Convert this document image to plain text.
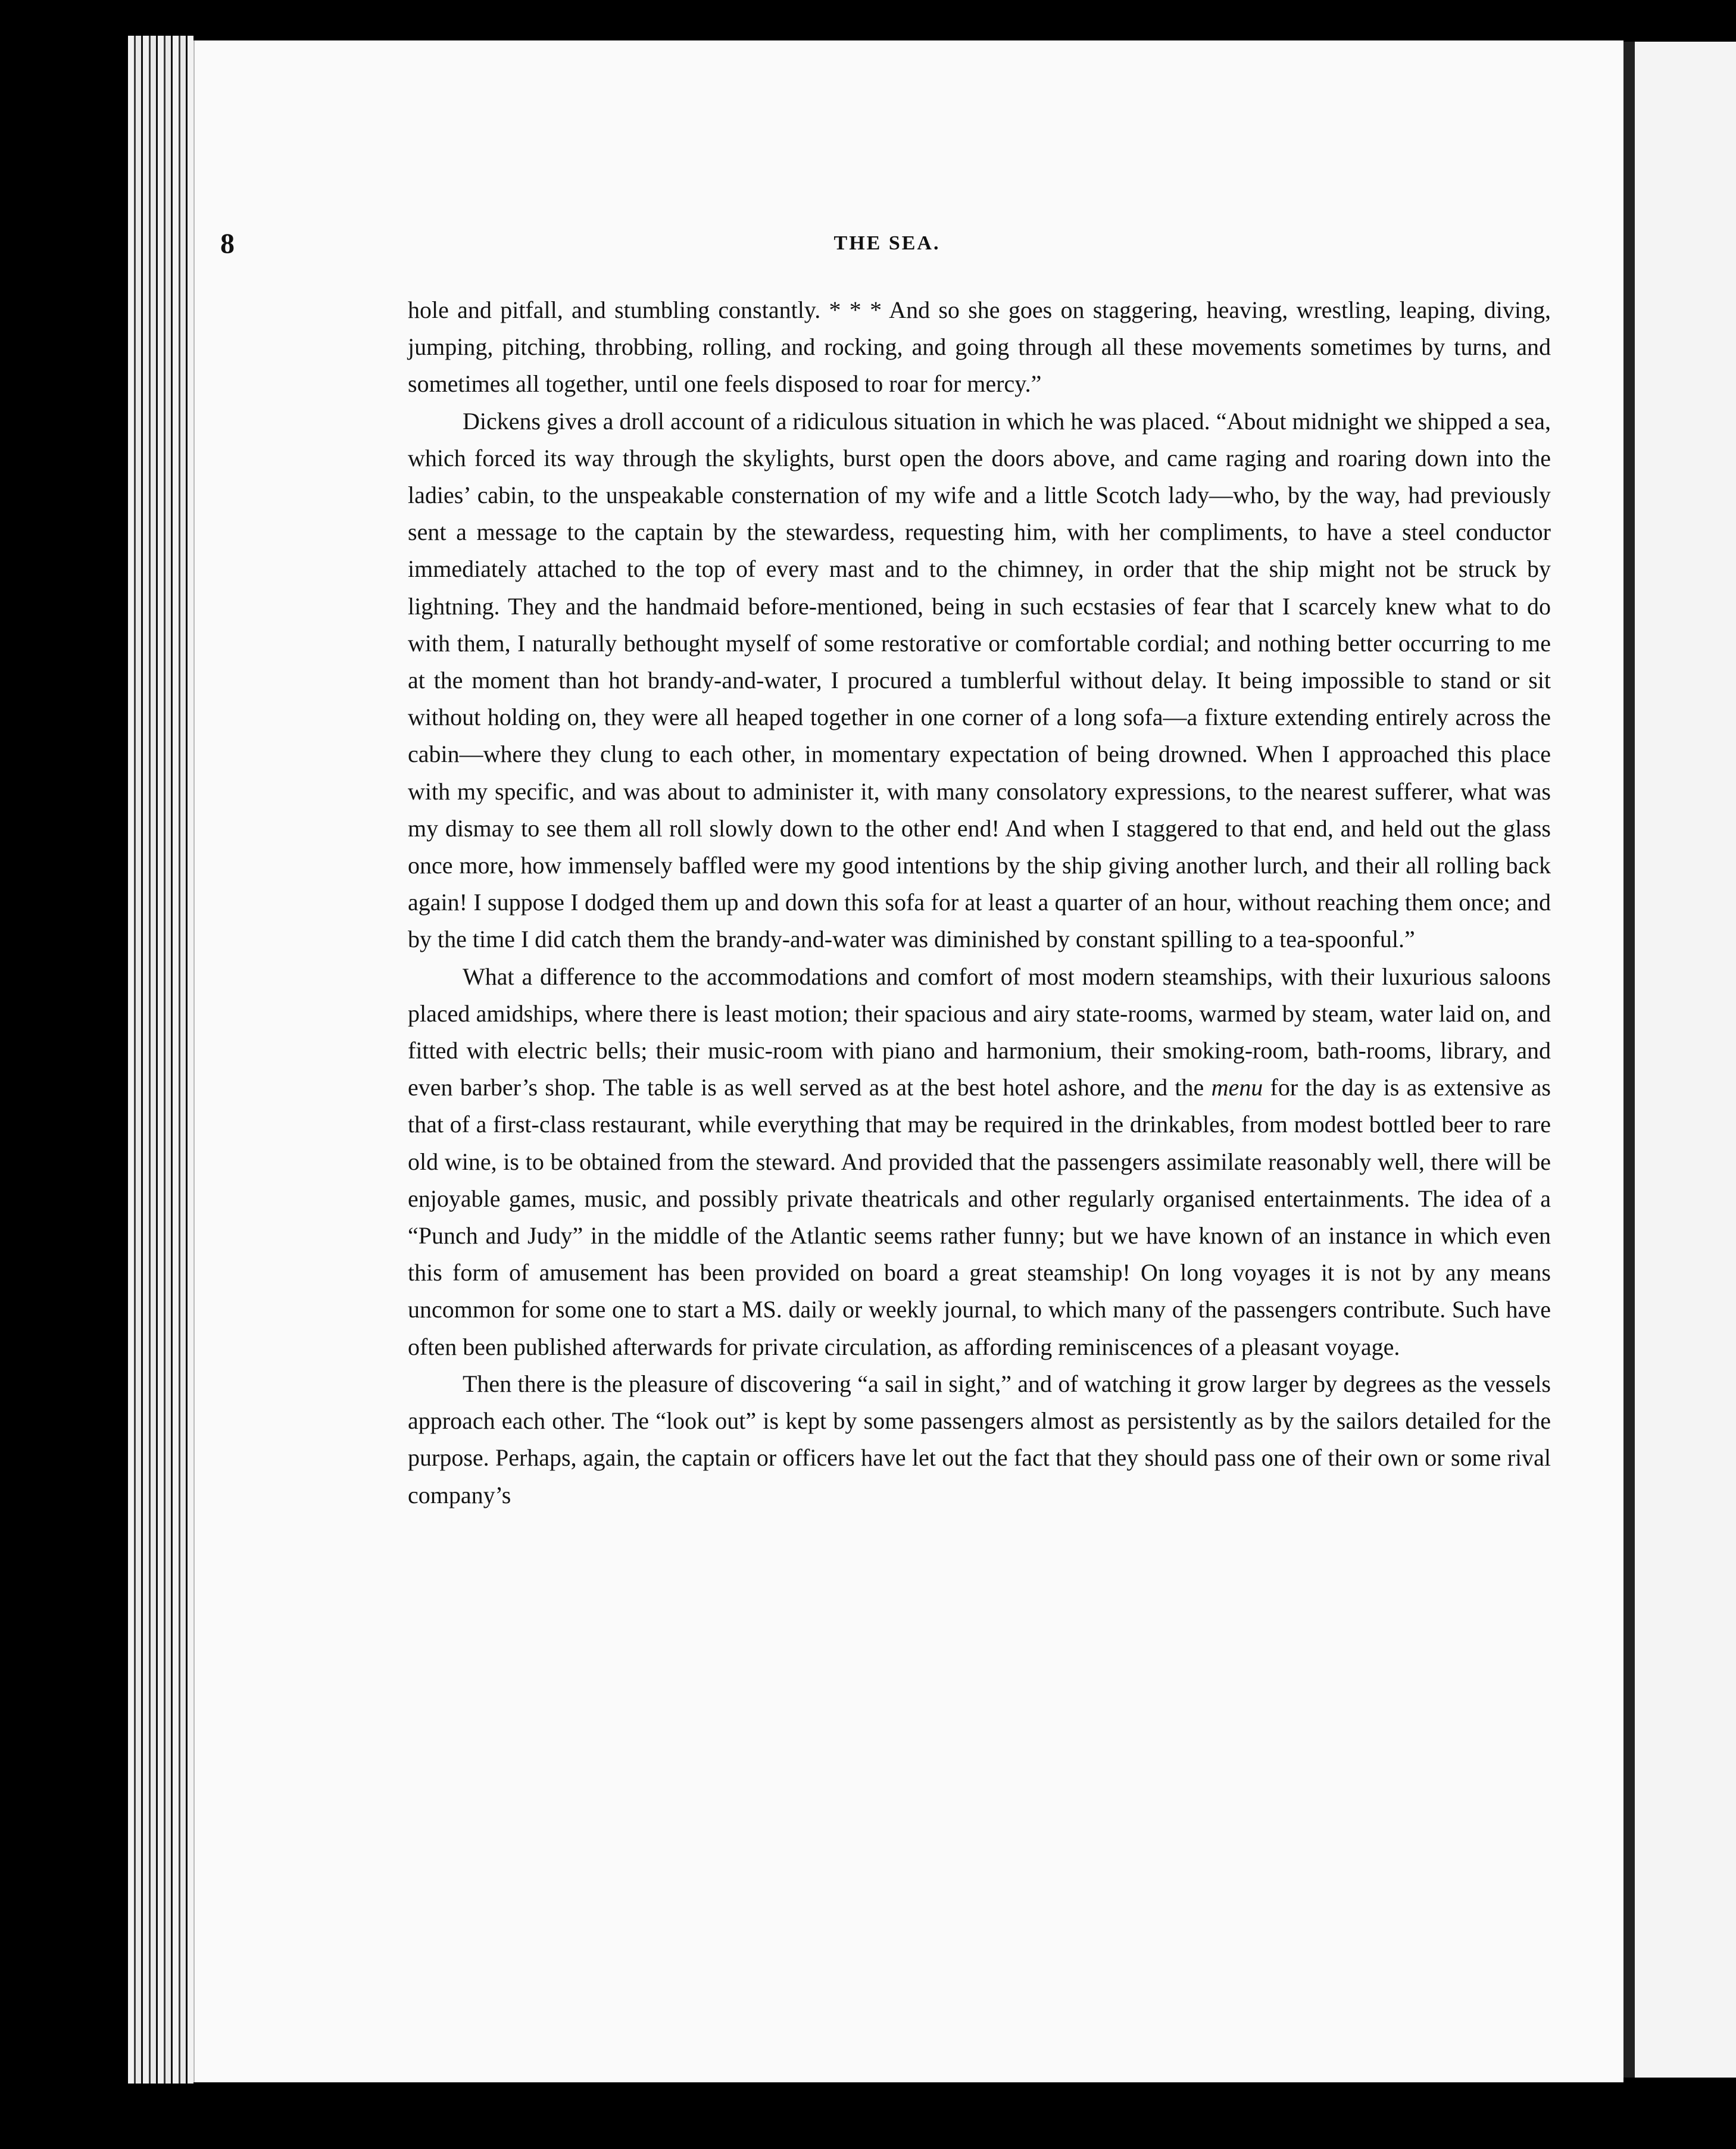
8	THE SEA.

hole and pitfall, and stumbling constantly. * * * And so she goes on staggering, heaving, wrestling, leaping, diving, jumping, pitching, throbbing, rolling, and rocking, and going through all these movements sometimes by turns, and sometimes all together, until one feels disposed to roar for mercy.”

Dickens gives a droll account of a ridiculous situation in which he was placed. “About midnight we shipped a sea, which forced its way through the skylights, burst open the doors above, and came raging and roaring down into the ladies’ cabin, to the unspeakable consternation of my wife and a little Scotch lady—who, by the way, had previously sent a message to the captain by the stewardess, requesting him, with her compliments, to have a steel conductor immediately attached to the top of every mast and to the chimney, in order that the ship might not be struck by lightning. They and the handmaid before-mentioned, being in such ecstasies of fear that I scarcely knew what to do with them, I naturally bethought myself of some restorative or comfortable cordial; and nothing better occurring to me at the moment than hot brandy-and-water, I procured a tumblerful without delay. It being impossible to stand or sit without holding on, they were all heaped together in one corner of a long sofa—a fixture extending entirely across the cabin—where they clung to each other, in momentary expectation of being drowned. When I approached this place with my specific, and was about to administer it, with many consolatory expressions, to the nearest sufferer, what was my dismay to see them all roll slowly down to the other end! And when I staggered to that end, and held out the glass once more, how immensely baffled were my good intentions by the ship giving another lurch, and their all rolling back again! I suppose I dodged them up and down this sofa for at least a quarter of an hour, without reaching them once; and by the time I did catch them the brandy-and-water was diminished by constant spilling to a tea-spoonful.”

What a difference to the accommodations and comfort of most modern steamships, with their luxurious saloons placed amidships, where there is least motion; their spacious and airy state-rooms, warmed by steam, water laid on, and fitted with electric bells; their music-room with piano and harmonium, their smoking-room, bath-rooms, library, and even barber’s shop. The table is as well served as at the best hotel ashore, and the menu for the day is as extensive as that of a first-class restaurant, while everything that may be required in the drinkables, from modest bottled beer to rare old wine, is to be obtained from the steward. And provided that the passengers assimilate reasonably well, there will be enjoyable games, music, and possibly private theatricals and other regularly organised entertainments. The idea of a “Punch and Judy” in the middle of the Atlantic seems rather funny; but we have known of an instance in which even this form of amusement has been provided on board a great steamship! On long voyages it is not by any means uncommon for some one to start a MS. daily or weekly journal, to which many of the passengers contribute. Such have often been published afterwards for private circulation, as affording reminiscences of a pleasant voyage.

Then there is the pleasure of discovering “a sail in sight,” and of watching it grow larger by degrees as the vessels approach each other. The “look out” is kept by some passengers almost as persistently as by the sailors detailed for the purpose. Perhaps, again, the captain or officers have let out the fact that they should pass one of their own or some rival company’s
